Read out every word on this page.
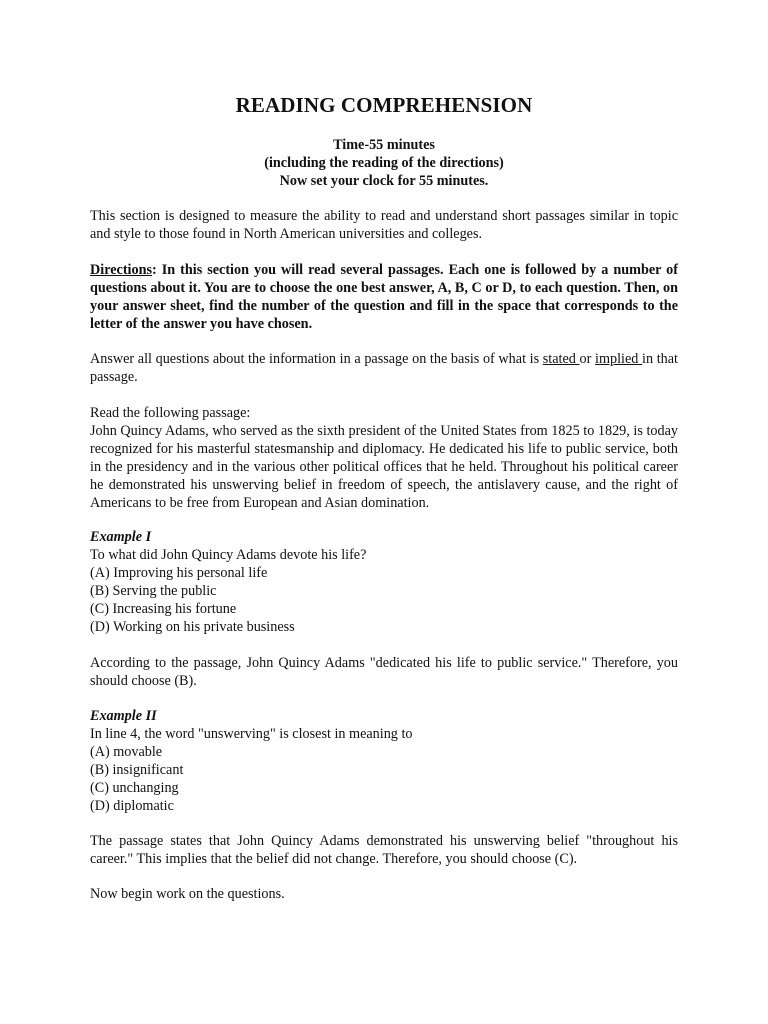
READING COMPREHENSION
Time-55 minutes
(including the reading of the directions)
Now set your clock for 55 minutes.

This section is designed to measure the ability to read and understand short passages similar in topic and style to those found in North American universities and colleges.

Directions: In this section you will read several passages. Each one is followed by a number of questions about it. You are to choose the one best answer, A, B, C or D, to each question. Then, on your answer sheet, find the number of the question and fill in the space that corresponds to the letter of the answer you have chosen.

Answer all questions about the information in a passage on the basis of what is stated or implied in that passage.

Read the following passage:

John Quincy Adams, who served as the sixth president of the United States from 1825 to 1829, is today recognized for his masterful statesmanship and diplomacy. He dedicated his life to public service, both in the presidency and in the various other political offices that he held. Throughout his political career he demonstrated his unswerving belief in freedom of speech, the antislavery cause, and the right of Americans to be free from European and Asian domination.

Example I

To what did John Quincy Adams devote his life?

(A) Improving his personal life

(B) Serving the public

(C) Increasing his fortune

(D) Working on his private business

According to the passage, John Quincy Adams "dedicated his life to public service." Therefore, you should choose (B).

Example II

In line 4, the word "unswerving" is closest in meaning to

(A) movable

(B) insignificant

(C) unchanging

(D) diplomatic

The passage states that John Quincy Adams demonstrated his unswerving belief "throughout his career." This implies that the belief did not change. Therefore, you should choose (C).

Now begin work on the questions.
